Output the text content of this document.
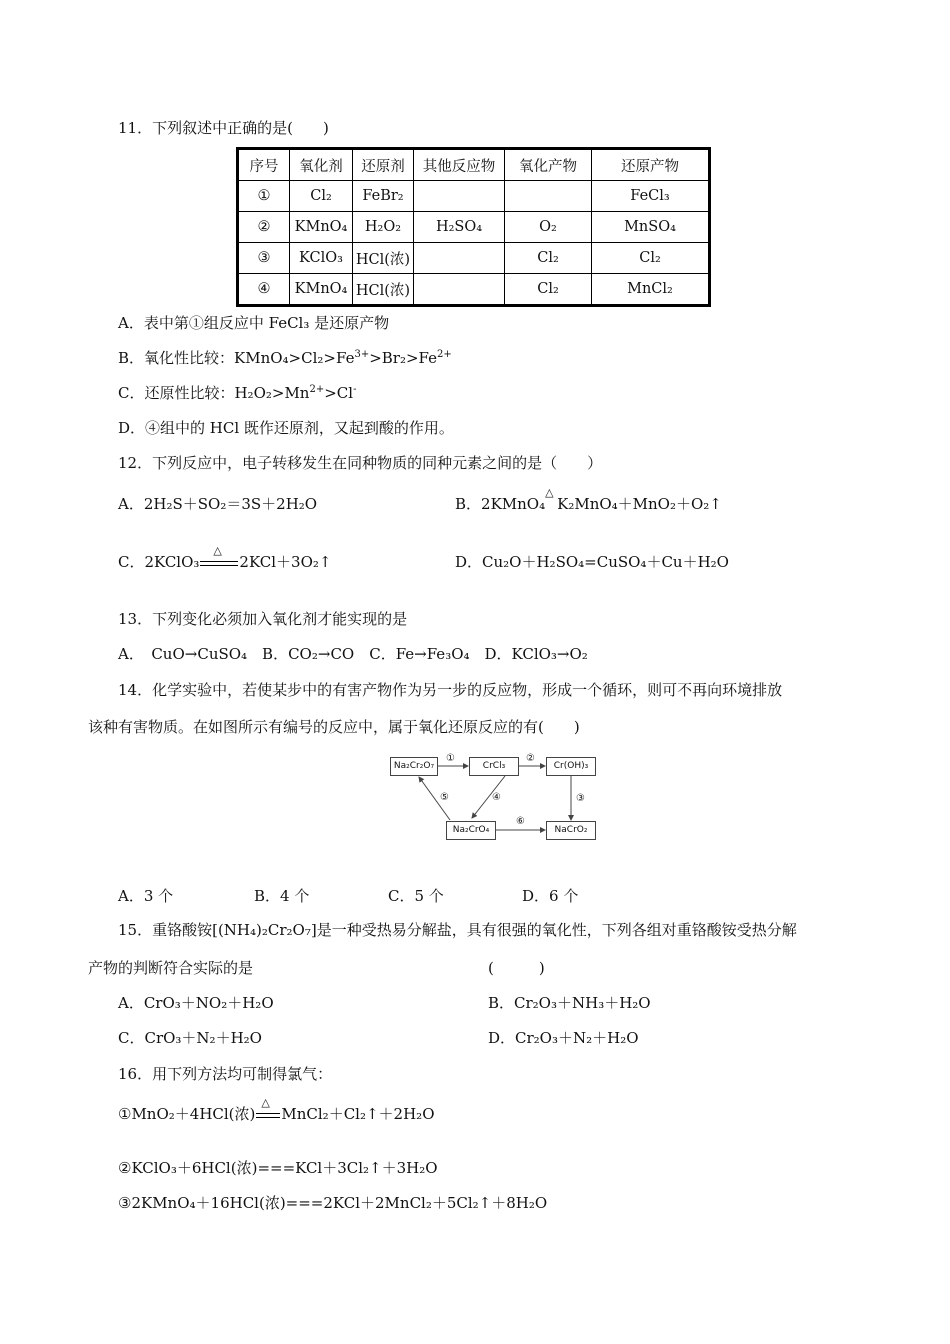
11．下列叙述中正确的是(　　)
序号	氧化剂	还原剂	其他反应物	氧化产物	还原产物
①	Cl₂	FeBr₂			FeCl₃
②	KMnO₄	H₂O₂	H₂SO₄	O₂	MnSO₄
③	KClO₃	HCl(浓)		Cl₂	Cl₂
④	KMnO₄	HCl(浓)		Cl₂	MnCl₂
A．表中第①组反应中 FeCl₃ 是还原产物
B．氧化性比较：$KMnO_4>Cl_2>Fe^{3+}>Br_2>Fe^{2+}$
C．还原性比较：$H_2O_2>Mn^{2+}>Cl^-$
D．④组中的 HCl 既作还原剂，又起到酸的作用。
12．下列反应中，电子转移发生在同种物质的同种元素之间的是（　　）
A．2H₂S＋SO₂＝3S＋2H₂O	B．2KMnO₄
△
K₂MnO₄＋MnO₂＋O₂↑
C．2KClO₃
△
2KCl＋3O₂↑	D．Cu₂O＋H₂SO₄=CuSO₄＋Cu＋H₂O
13．下列变化必须加入氧化剂才能实现的是
A．　CuO→CuSO₄　B．CO₂→CO　C．Fe→Fe₃O₄　D．KClO₃→O₂
14．化学实验中，若使某步中的有害产物作为另一步的反应物，形成一个循环，则可不再向环境排放
该种有害物质。在如图所示有编号的反应中，属于氧化还原反应的有(　　)
Na₂Cr₂O₇	CrCl₃	Cr(OH)₃
Na₂CrO₄	NaCrO₂
①	②
③
④
⑤
⑥
A．3 个	B．4 个	C．5 个	D．6 个
15．重铬酸铵[(NH₄)₂Cr₂O₇]是一种受热易分解盐，具有很强的氧化性，下列各组对重铬酸铵受热分解
产物的判断符合实际的是	(　　　)
A．CrO₃＋NO₂＋H₂O	B．Cr₂O₃＋NH₃＋H₂O
C．CrO₃＋N₂＋H₂O	D．Cr₂O₃＋N₂＋H₂O
16．用下列方法均可制得氯气：
①MnO₂＋4HCl(浓)
△
MnCl₂＋Cl₂↑＋2H₂O
②KClO₃＋6HCl(浓)===KCl＋3Cl₂↑＋3H₂O
③2KMnO₄＋16HCl(浓)===2KCl＋2MnCl₂＋5Cl₂↑＋8H₂O
